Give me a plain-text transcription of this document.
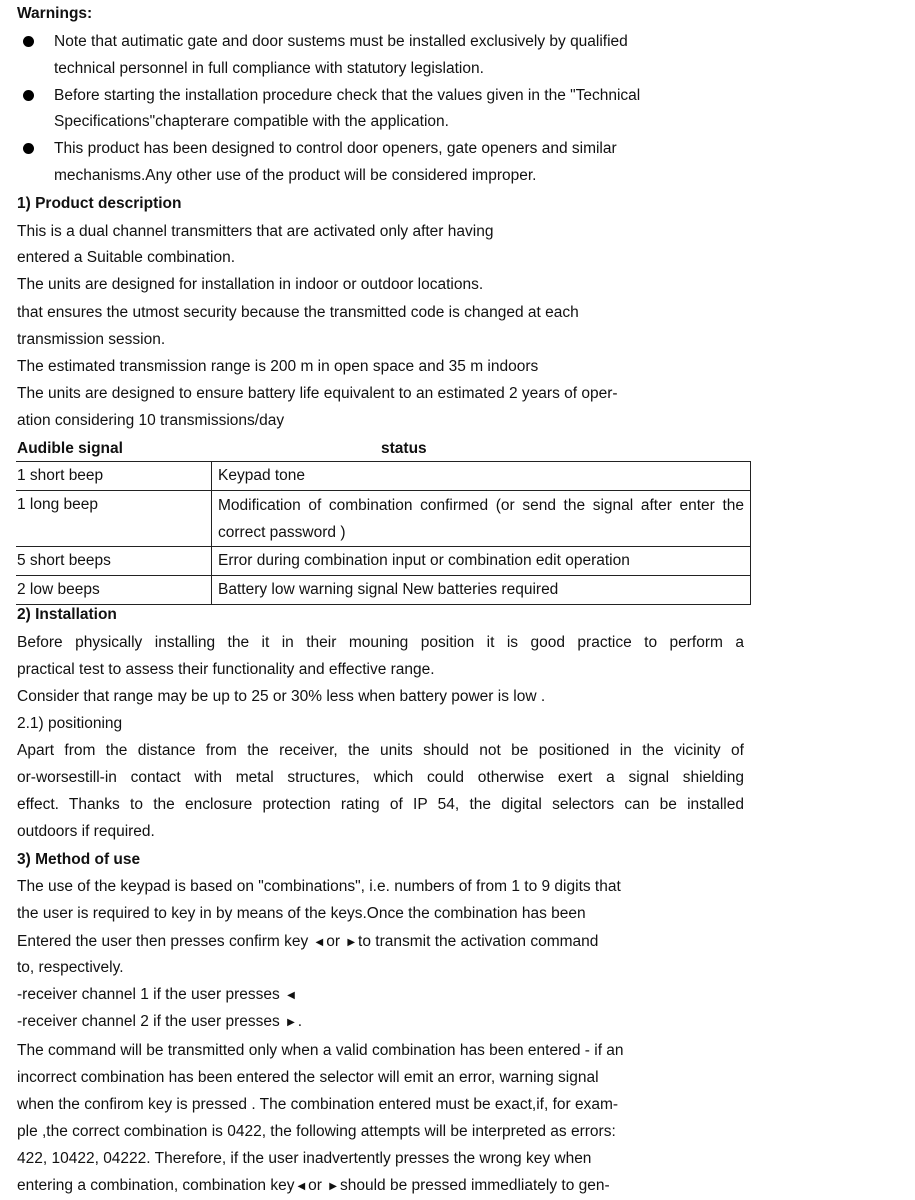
Warnings:
Note that autimatic gate and door sustems must be installed exclusively by qualified
technical personnel in full compliance with statutory legislation.
Before starting the installation procedure check that the values given in the "Technical
Specifications"chapterare compatible with the application.
This product has been designed to control door openers, gate openers and similar
mechanisms.Any other use of the product will be considered improper.
1) Product description
This is a dual channel transmitters that are activated only after having
entered a Suitable combination.
The units are designed for installation in indoor or outdoor locations.
that ensures the utmost security because the transmitted code is changed at each
transmission session.
The estimated transmission range is 200 m in open space and 35 m indoors
The units are designed to ensure battery life equivalent to an estimated 2 years of oper-
ation considering 10 transmissions/day
Audible signal	status
1 short beep	Keypad tone
1 long beep	Modification of combination confirmed (or send the signal after enter the correct password )
5 short beeps	Error during combination input or combination edit operation
2 low beeps	Battery low warning signal New batteries required
2) Installation
Before physically installing the it in their mouning position it is good practice to perform a
practical test to assess their functionality and effective range.
Consider that range may be up to 25 or 30% less when battery power is low .
2.1) positioning
Apart from the distance from the receiver, the units should not be positioned in the vicinity of
or-worsestill-in contact with metal structures, which could otherwise exert a signal shielding
effect. Thanks to the enclosure protection rating of IP 54, the digital selectors can be installed
outdoors if required.
3) Method of use
The use of the keypad is based on "combinations", i.e. numbers of from 1 to 9 digits that
the user is required to key in by means of the keys.Once the combination has been
Entered the user then presses confirm key ◀ or ▶ to transmit the activation command
to, respectively.
-receiver channel 1 if the user presses ◀
-receiver channel 2 if the user presses ▶ .
The command will be transmitted only when a valid combination has been entered - if an
incorrect combination has been entered the selector will emit an error, warning signal
when the confirom key is pressed . The combination entered must be exact,if, for exam-
ple ,the correct combination is 0422, the following attempts will be interpreted as errors:
422, 10422, 04222. Therefore, if the user inadvertently presses the wrong key when
entering a combination, combination key ◀ or ▶ should be pressed immedliately to gen-
